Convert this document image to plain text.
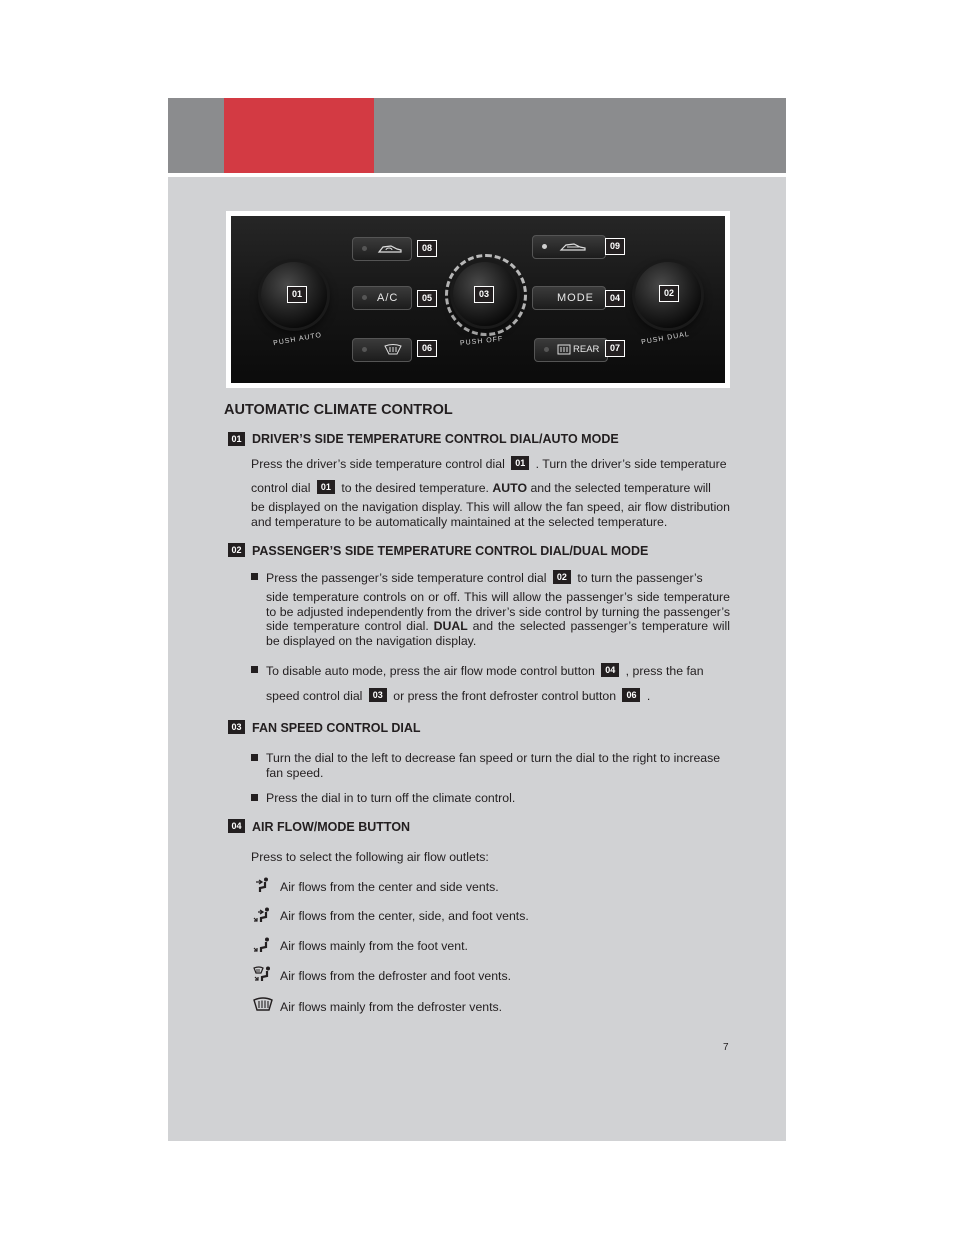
A/C	MODE
REAR
PUSH AUTO	PUSH OFF	PUSH DUAL
01	02
03	04
05
06	07
08	09
AUTOMATIC CLIMATE CONTROL
01 DRIVER’S SIDE TEMPERATURE CONTROL DIAL/AUTO MODE

Press the driver’s side temperature control dial 01 . Turn the driver’s side temperature

control dial 01 to the desired temperature. AUTO and the selected temperature will

be displayed on the navigation display. This will allow the fan speed, air flow distribution and temperature to be automatically maintained at the selected temperature.

02 PASSENGER’S SIDE TEMPERATURE CONTROL DIAL/DUAL MODE

Press the passenger’s side temperature control dial 02 to turn the passenger’s

side temperature controls on or off. This will allow the passenger’s side temperature to be adjusted independently from the driver’s side control by turning the passenger’s side temperature control dial. DUAL and the selected passenger’s temperature will be displayed on the navigation display.

To disable auto mode, press the air flow mode control button 04 , press the fan

speed control dial 03 or press the front defroster control button 06 .

03 FAN SPEED CONTROL DIAL

Turn the dial to the left to decrease fan speed or turn the dial to the right to increase fan speed.

Press the dial in to turn off the climate control.

04 AIR FLOW/MODE BUTTON

Press to select the following air flow outlets:

Air flows from the center and side vents.

Air flows from the center, side, and foot vents.

Air flows mainly from the foot vent.

Air flows from the defroster and foot vents.

Air flows mainly from the defroster vents.

7
